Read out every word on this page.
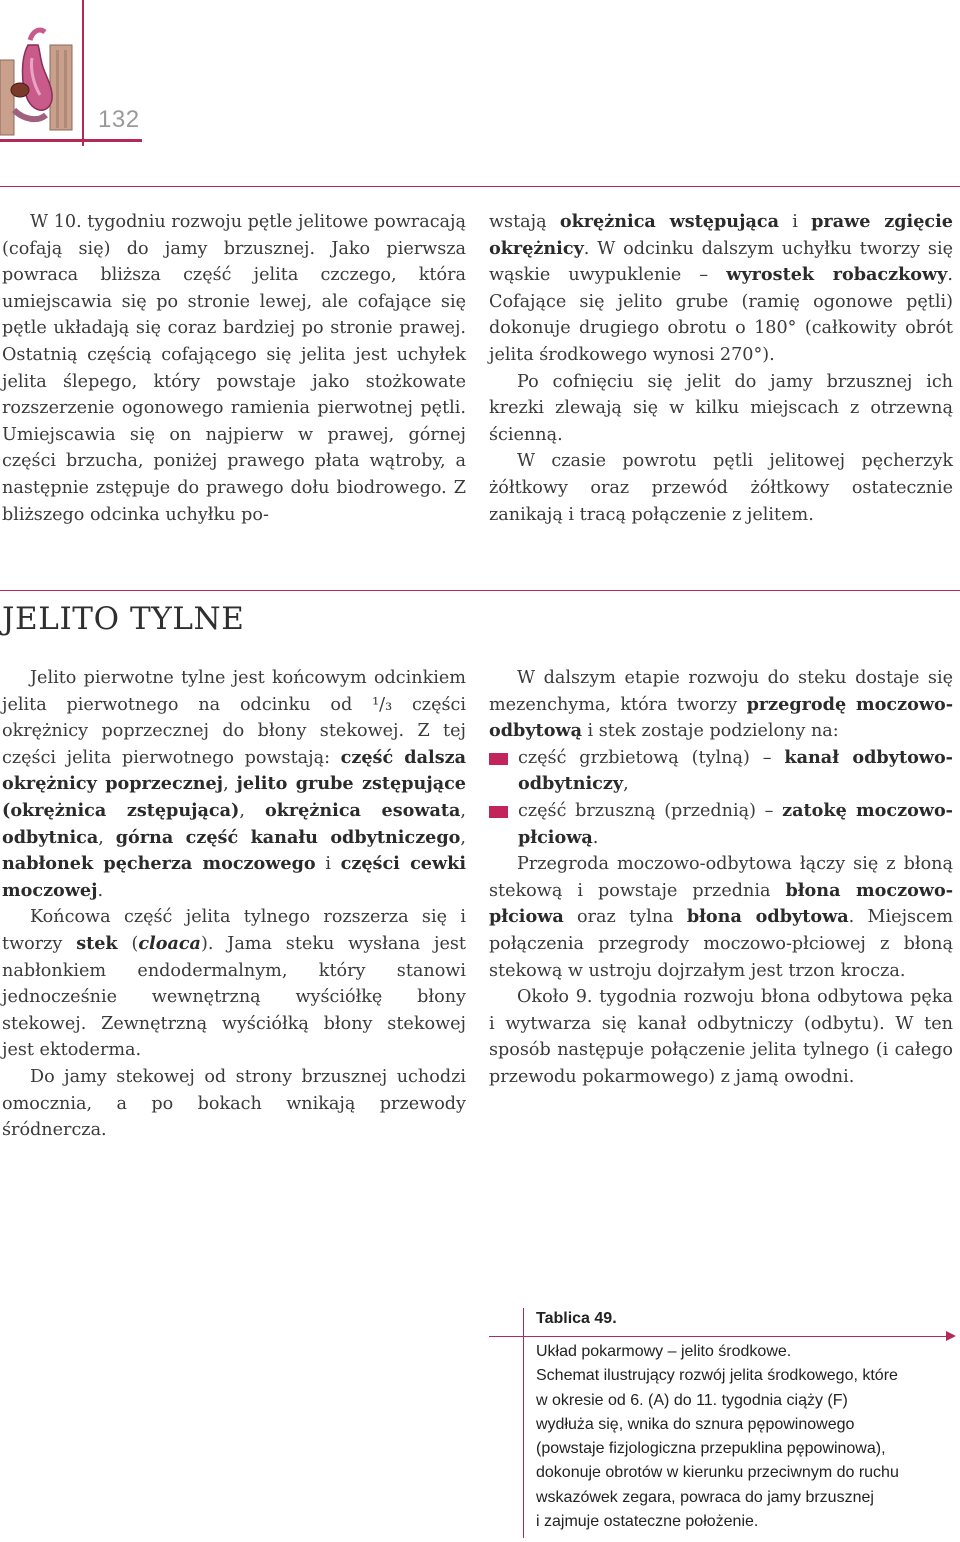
132

W 10. tygodniu rozwoju pętle jelitowe powracają (cofają się) do jamy brzusznej. Jako pierwsza powraca bliższa część jelita czczego, która umiejscawia się po stronie lewej, ale cofające się pętle układają się coraz bardziej po stronie prawej. Ostatnią częścią cofającego się jelita jest uchyłek jelita ślepego, który powstaje jako stożkowate rozszerzenie ogonowego ramienia pierwotnej pętli. Umiejscawia się on najpierw w prawej, górnej części brzucha, poniżej prawego płata wątroby, a następnie zstępuje do prawego dołu biodrowego. Z bliższego odcinka uchyłku po-

wstają okrężnica wstępująca i prawe zgięcie okrężnicy. W odcinku dalszym uchyłku tworzy się wąskie uwypuklenie – wyrostek robaczkowy. Cofające się jelito grube (ramię ogonowe pętli) dokonuje drugiego obrotu o 180° (całkowity obrót jelita środkowego wynosi 270°).

Po cofnięciu się jelit do jamy brzusznej ich krezki zlewają się w kilku miejscach z otrzewną ścienną.

W czasie powrotu pętli jelitowej pęcherzyk żółtkowy oraz przewód żółtkowy ostatecznie zanikają i tracą połączenie z jelitem.

JELITO TYLNE

Jelito pierwotne tylne jest końcowym odcinkiem jelita pierwotnego na odcinku od ¹/₃ części okrężnicy poprzecznej do błony stekowej. Z tej części jelita pierwotnego powstają: część dalsza okrężnicy poprzecznej, jelito grube zstępujące (okrężnica zstępująca), okrężnica esowata, odbytnica, górna część kanału odbytniczego, nabłonek pęcherza moczowego i części cewki moczowej.

Końcowa część jelita tylnego rozszerza się i tworzy stek (cloaca). Jama steku wysłana jest nabłonkiem endodermalnym, który stanowi jednocześnie wewnętrzną wyściółkę błony stekowej. Zewnętrzną wyściółką błony stekowej jest ektoderma.

Do jamy stekowej od strony brzusznej uchodzi omocznia, a po bokach wnikają przewody śródnercza.

W dalszym etapie rozwoju do steku dostaje się mezenchyma, która tworzy przegrodę moczowo-odbytową i stek zostaje podzielony na:

część grzbietową (tylną) – kanał odbytowo-odbytniczy,

część brzuszną (przednią) – zatokę moczowo-płciową.

Przegroda moczowo-odbytowa łączy się z błoną stekową i powstaje przednia błona moczowo-płciowa oraz tylna błona odbytowa. Miejscem połączenia przegrody moczowo-płciowej z błoną stekową w ustroju dojrzałym jest trzon krocza.

Około 9. tygodnia rozwoju błona odbytowa pęka i wytwarza się kanał odbytniczy (odbytu). W ten sposób następuje połączenie jelita tylnego (i całego przewodu pokarmowego) z jamą owodni.

Tablica 49.
Układ pokarmowy – jelito środkowe.
Schemat ilustrujący rozwój jelita środkowego, które
w okresie od 6. (A) do 11. tygodnia ciąży (F)
wydłuża się, wnika do sznura pępowinowego
(powstaje fizjologiczna przepuklina pępowinowa),
dokonuje obrotów w kierunku przeciwnym do ruchu
wskazówek zegara, powraca do jamy brzusznej
i zajmuje ostateczne położenie.
